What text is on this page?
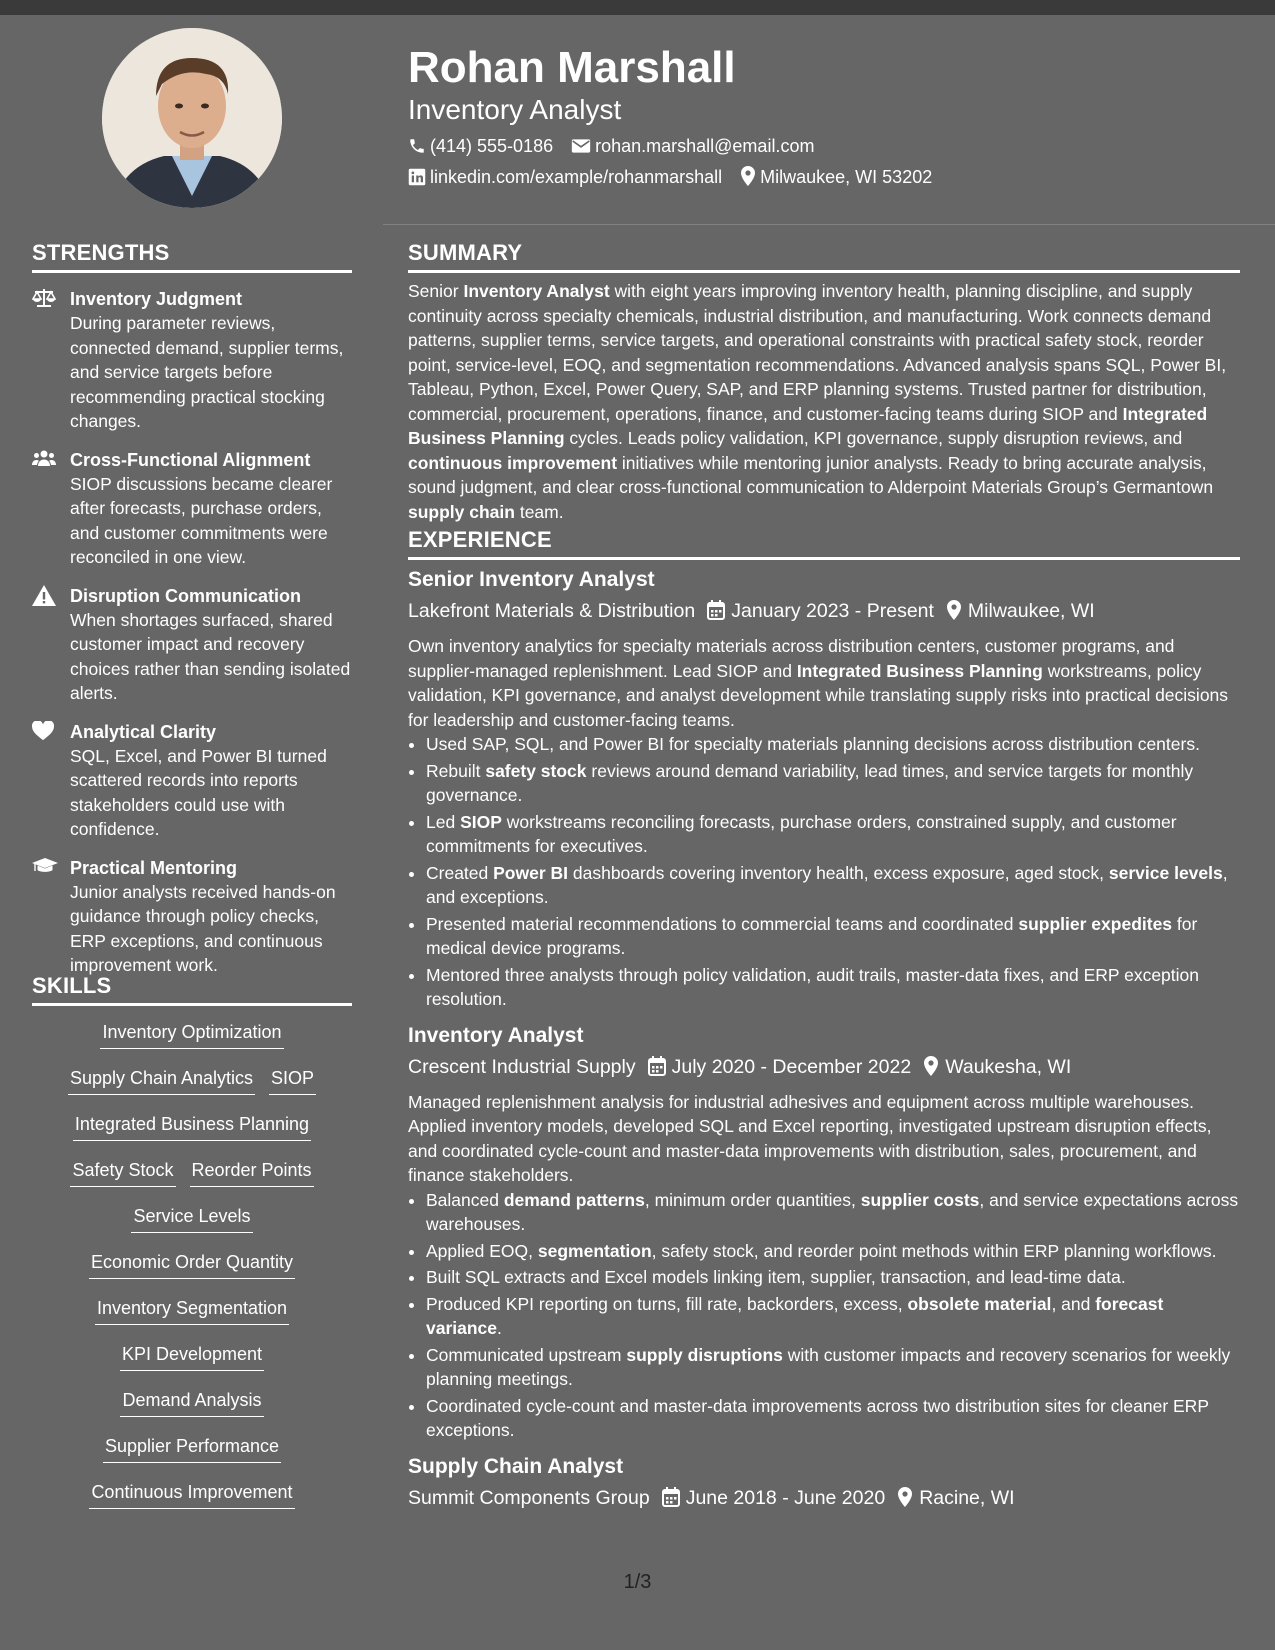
STRENGTHS
Inventory Judgment
During parameter reviews, connected demand, supplier terms, and service targets before recommending practical stocking changes.
Cross-Functional Alignment
SIOP discussions became clearer after forecasts, purchase orders, and customer commitments were reconciled in one view.
Disruption Communication
When shortages surfaced, shared customer impact and recovery choices rather than sending isolated alerts.
Analytical Clarity
SQL, Excel, and Power BI turned scattered records into reports stakeholders could use with confidence.
Practical Mentoring
Junior analysts received hands-on guidance through policy checks, ERP exceptions, and continuous improvement work.
SKILLS
Inventory Optimization
Supply Chain Analytics SIOP
Integrated Business Planning
Safety Stock Reorder Points
Service Levels
Economic Order Quantity
Inventory Segmentation
KPI Development
Demand Analysis
Supplier Performance
Continuous Improvement
Rohan Marshall
Inventory Analyst
(414) 555-0186 rohan.marshall@email.com
linkedin.com/example/rohanmarshall Milwaukee, WI 53202
SUMMARY

Senior Inventory Analyst with eight years improving inventory health, planning discipline, and supply continuity across specialty chemicals, industrial distribution, and manufacturing. Work connects demand patterns, supplier terms, service targets, and operational constraints with practical safety stock, reorder point, service-level, EOQ, and segmentation recommendations. Advanced analysis spans SQL, Power BI, Tableau, Python, Excel, Power Query, SAP, and ERP planning systems. Trusted partner for distribution, commercial, procurement, operations, finance, and customer-facing teams during SIOP and Integrated Business Planning cycles. Leads policy validation, KPI governance, supply disruption reviews, and continuous improvement initiatives while mentoring junior analysts. Ready to bring accurate analysis, sound judgment, and clear cross-functional communication to Alderpoint Materials Group’s Germantown supply chain team.

EXPERIENCE
Senior Inventory Analyst
Lakefront Materials & Distribution January 2023 - Present Milwaukee, WI

Own inventory analytics for specialty materials across distribution centers, customer programs, and supplier-managed replenishment. Lead SIOP and Integrated Business Planning workstreams, policy validation, KPI governance, and analyst development while translating supply risks into practical decisions for leadership and customer-facing teams.

• Used SAP, SQL, and Power BI for specialty materials planning decisions across distribution centers.
• Rebuilt safety stock reviews around demand variability, lead times, and service targets for monthly governance.
• Led SIOP workstreams reconciling forecasts, purchase orders, constrained supply, and customer commitments for executives.
• Created Power BI dashboards covering inventory health, excess exposure, aged stock, service levels, and exceptions.
• Presented material recommendations to commercial teams and coordinated supplier expedites for medical device programs.
• Mentored three analysts through policy validation, audit trails, master-data fixes, and ERP exception resolution.
Inventory Analyst
Crescent Industrial Supply July 2020 - December 2022 Waukesha, WI

Managed replenishment analysis for industrial adhesives and equipment across multiple warehouses. Applied inventory models, developed SQL and Excel reporting, investigated upstream disruption effects, and coordinated cycle-count and master-data improvements with distribution, sales, procurement, and finance stakeholders.

• Balanced demand patterns, minimum order quantities, supplier costs, and service expectations across warehouses.
• Applied EOQ, segmentation, safety stock, and reorder point methods within ERP planning workflows.
• Built SQL extracts and Excel models linking item, supplier, transaction, and lead-time data.
• Produced KPI reporting on turns, fill rate, backorders, excess, obsolete material, and forecast variance.
• Communicated upstream supply disruptions with customer impacts and recovery scenarios for weekly planning meetings.
• Coordinated cycle-count and master-data improvements across two distribution sites for cleaner ERP exceptions.
Supply Chain Analyst
Summit Components Group June 2018 - June 2020 Racine, WI
1/3
